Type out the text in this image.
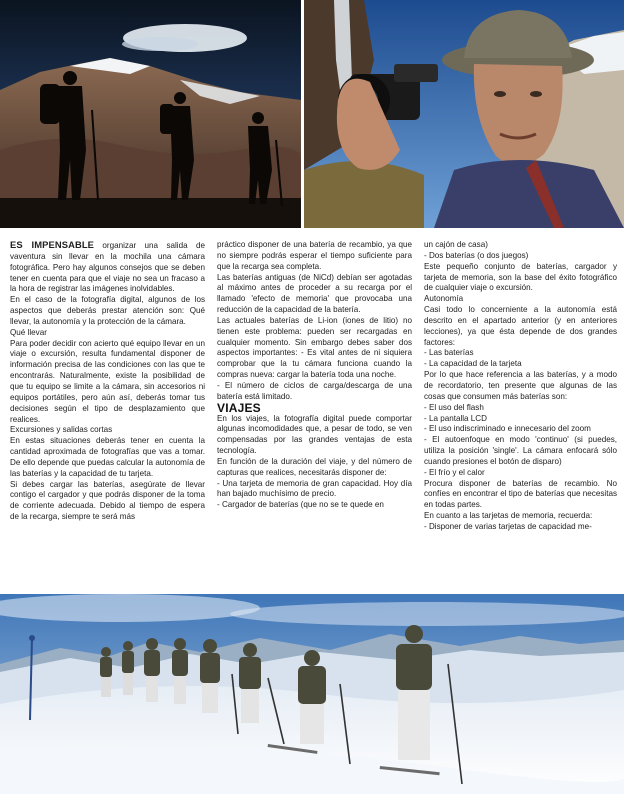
ES IMPENSABLE organizar una salida de vaventura sin llevar en la mochila una cámara fotográfica. Pero hay algunos consejos que se deben tener en cuenta para que el viaje no sea un fracaso a la hora de registrar las imágenes inolvidables.

En el caso de la fotografía digital, algunos de los aspectos que deberás prestar atención son: Qué llevar, la autonomía y la protección de la cámara.

Qué llevar

Para poder decidir con acierto qué equipo llevar en un viaje o excursión, resulta fundamental disponer de información precisa de las condiciones con las que te encontrarás. Naturalmente, existe la posibilidad de que tu equipo se limite a la cámara, sin accesorios ni equipos portátiles, pero aún así, deberás tomar tus decisiones según el tipo de desplazamiento que realices.

Excursiones y salidas cortas

En estas situaciones deberás tener en cuenta la cantidad aproximada de fotografías que vas a tomar. De ello depende que puedas calcular la autonomía de las baterías y la capacidad de tu tarjeta.

Si debes cargar las baterías, asegúrate de llevar contigo el cargador y que podrás disponer de la toma de corriente adecuada. Debido al tiempo de espera de la recarga, siempre te será más

práctico disponer de una batería de recambio, ya que no siempre podrás esperar el tiempo suficiente para que la recarga sea completa.

Las baterías antiguas (de NiCd) debían ser agotadas al máximo antes de proceder a su recarga por el llamado 'efecto de memoria' que provocaba una reducción de la capacidad de la batería.

Las actuales baterías de Li-ion (iones de litio) no tienen este problema: pueden ser recargadas en cualquier momento. Sin embargo debes saber dos aspectos importantes: - Es vital antes de ni siquiera comprobar que la tu cámara funciona cuando la compras nueva: cargar la batería toda una noche.

- El número de ciclos de carga/descarga de una batería está limitado.

VIAJES

En los viajes, la fotografía digital puede comportar algunas incomodidades que, a pesar de todo, se ven compensadas por las grandes ventajas de esta tecnología.

En función de la duración del viaje, y del número de capturas que realices, necesitarás disponer de:

- Una tarjeta de memoria de gran capacidad. Hoy día han bajado muchísimo de precio.

- Cargador de baterías (que no se te quede en

un cajón de casa)

- Dos baterías (o dos juegos)

Este pequeño conjunto de baterías, cargador y tarjeta de memoria, son la base del éxito fotográfico de cualquier viaje o excursión.

Autonomía

Casi todo lo concerniente a la autonomía está descrito en el apartado anterior (y en anteriores lecciones), ya que ésta depende de dos grandes factores:

- Las baterías

- La capacidad de la tarjeta

Por lo que hace referencia a las baterías, y a modo de recordatorio, ten presente que algunas de las cosas que consumen más baterías son:

- El uso del flash

- La pantalla LCD

- El uso indiscriminado e innecesario del zoom

- El autoenfoque en modo 'continuo' (si puedes, utiliza la posición 'single'. La cámara enfocará sólo cuando presiones el botón de disparo)

- El frío y el calor

Procura disponer de baterías de recambio. No confíes en encontrar el tipo de baterías que necesitas en todas partes.

En cuanto a las tarjetas de memoria, recuerda:

- Disponer de varias tarjetas de capacidad me-
